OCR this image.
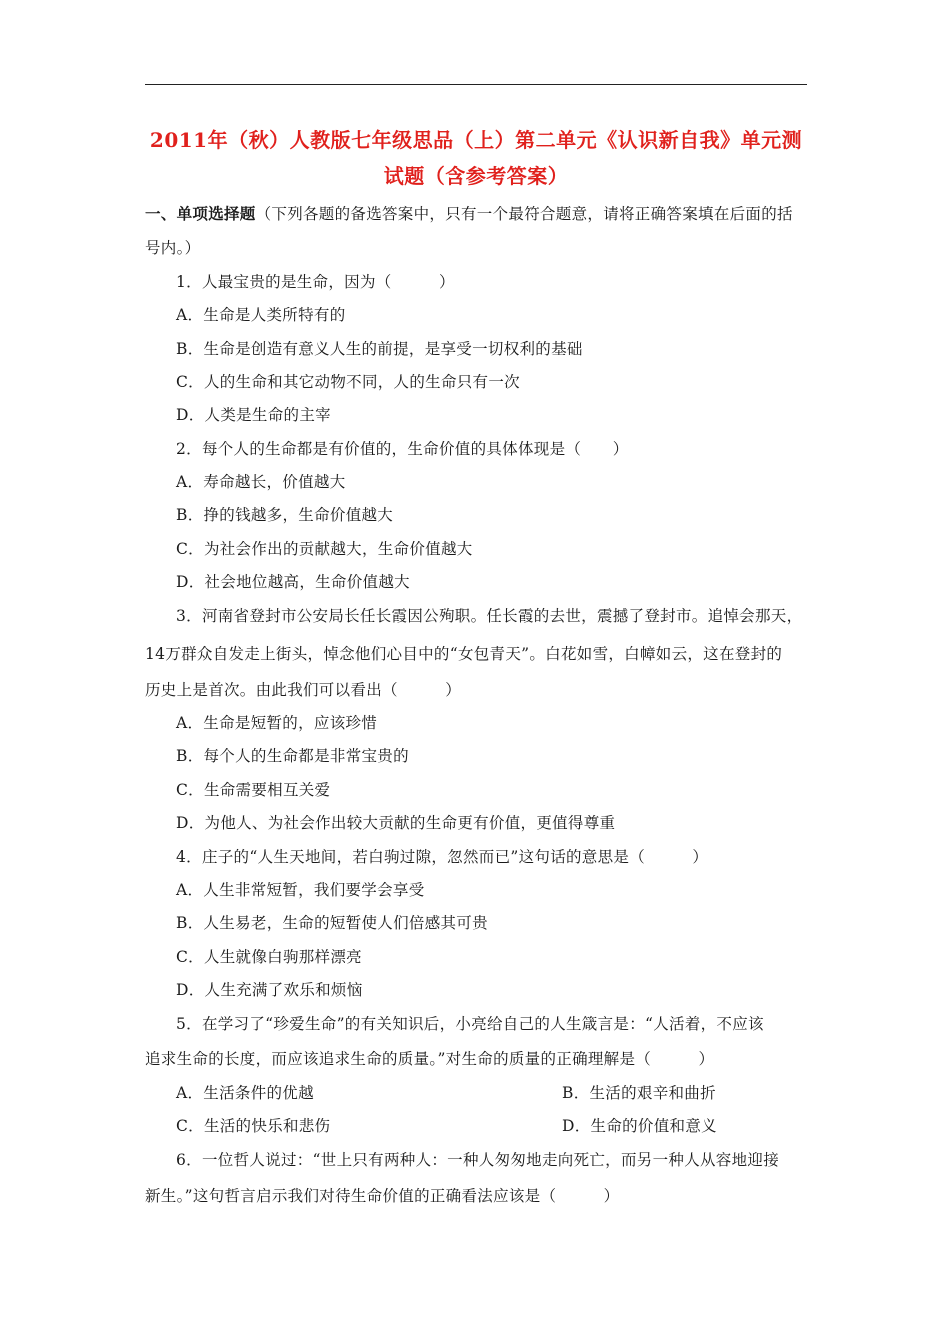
2011年（秋）人教版七年级思品（上）第二单元《认识新自我》单元测
试题（含参考答案）
一、单项选择题（下列各题的备选答案中，只有一个最符合题意，请将正确答案填在后面的括
号内。）
1．人最宝贵的是生命，因为（　　　）
A．生命是人类所特有的
B．生命是创造有意义人生的前提，是享受一切权利的基础
C．人的生命和其它动物不同，人的生命只有一次
D．人类是生命的主宰
2．每个人的生命都是有价值的，生命价值的具体体现是（　　）
A．寿命越长，价值越大
B．挣的钱越多，生命价值越大
C．为社会作出的贡献越大，生命价值越大
D．社会地位越高，生命价值越大
3．河南省登封市公安局长任长霞因公殉职。任长霞的去世，震撼了登封市。追悼会那天，
14万群众自发走上街头，悼念他们心目中的“女包青天”。白花如雪，白幛如云，这在登封的
历史上是首次。由此我们可以看出（　　　）
A．生命是短暂的，应该珍惜
B．每个人的生命都是非常宝贵的
C．生命需要相互关爱
D．为他人、为社会作出较大贡献的生命更有价值，更值得尊重
4．庄子的“人生天地间，若白驹过隙，忽然而已”这句话的意思是（　　　）
A．人生非常短暂，我们要学会享受
B．人生易老，生命的短暂使人们倍感其可贵
C．人生就像白驹那样漂亮
D．人生充满了欢乐和烦恼
5．在学习了“珍爱生命”的有关知识后，小亮给自己的人生箴言是：“人活着，不应该
追求生命的长度，而应该追求生命的质量。”对生命的质量的正确理解是（　　　）
A．生活条件的优越	B．生活的艰辛和曲折
C．生活的快乐和悲伤	D．生命的价值和意义
6．一位哲人说过：“世上只有两种人：一种人匆匆地走向死亡，而另一种人从容地迎接
新生。”这句哲言启示我们对待生命价值的正确看法应该是（　　　）
